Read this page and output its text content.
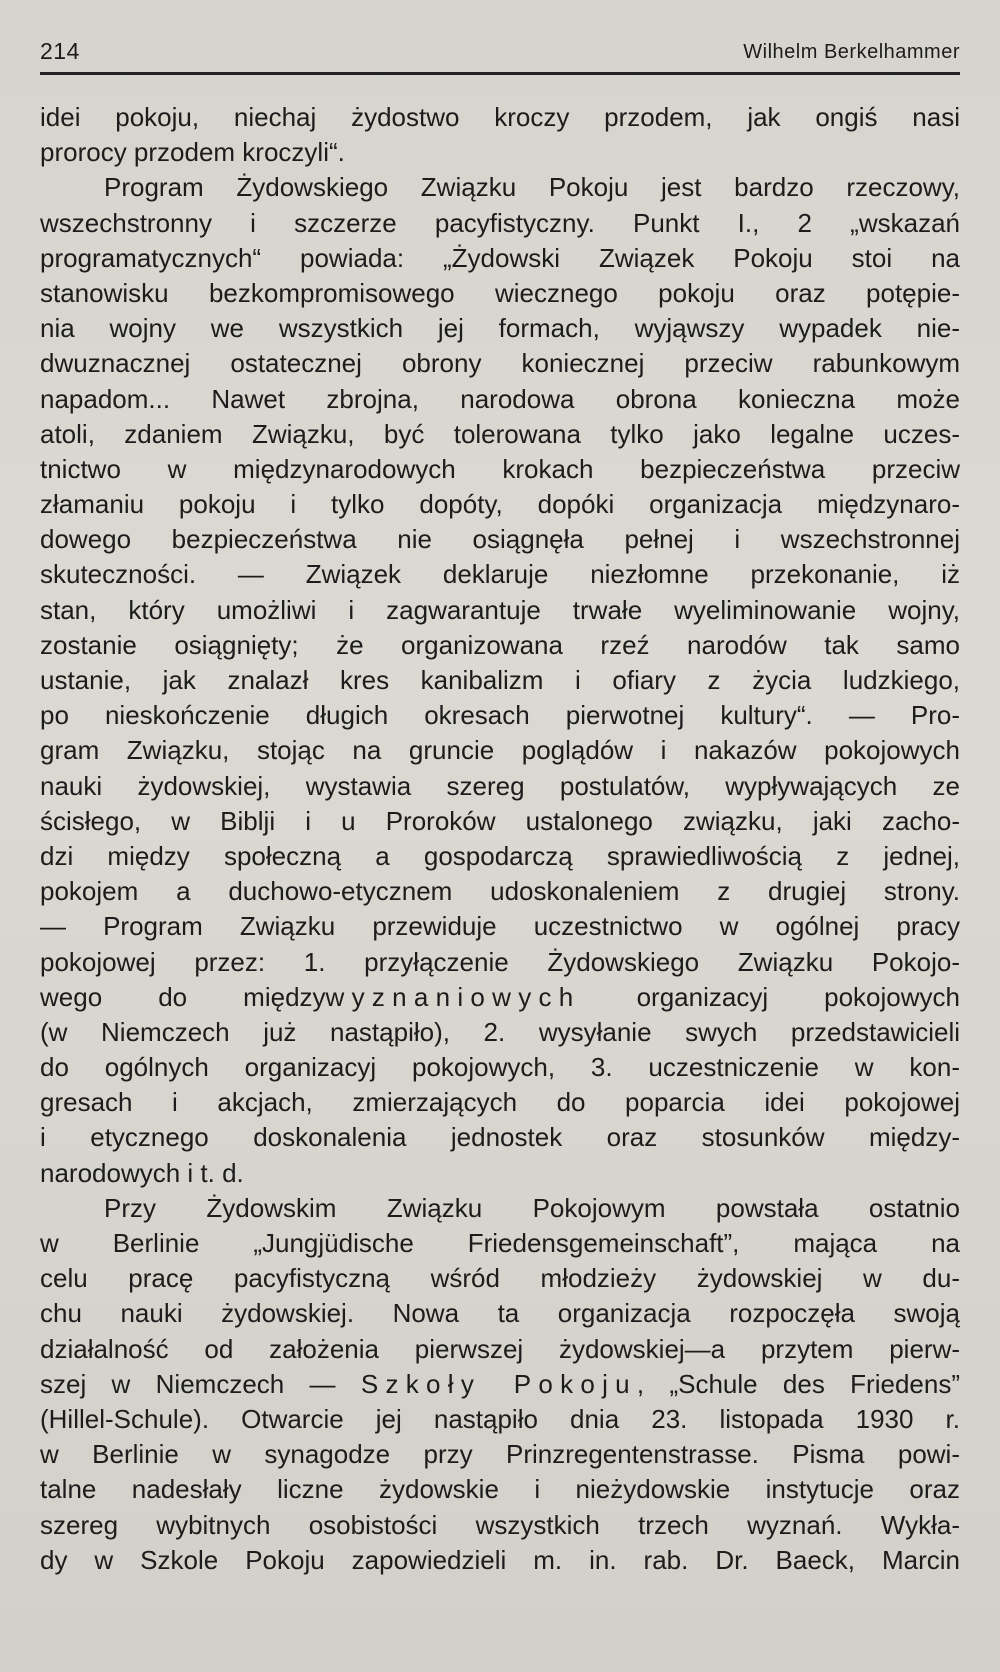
214	Wilhelm Berkelhammer
idei pokoju, niechaj żydostwo kroczy przodem, jak ongiś nasi
prorocy przodem kroczyli“.
Program Żydowskiego Związku Pokoju jest bardzo rzeczowy,
wszechstronny i szczerze pacyfistyczny. Punkt I., 2 „wskazań
programatycznych“ powiada: „Żydowski Związek Pokoju stoi na
stanowisku bezkompromisowego wiecznego pokoju oraz potępie-
nia wojny we wszystkich jej formach, wyjąwszy wypadek nie-
dwuznacznej ostatecznej obrony koniecznej przeciw rabunkowym
napadom... Nawet zbrojna, narodowa obrona konieczna może
atoli, zdaniem Związku, być tolerowana tylko jako legalne uczes-
tnictwo w międzynarodowych krokach bezpieczeństwa przeciw
złamaniu pokoju i tylko dopóty, dopóki organizacja międzynaro-
dowego bezpieczeństwa nie osiągnęła pełnej i wszechstronnej
skuteczności. — Związek deklaruje niezłomne przekonanie, iż
stan, który umożliwi i zagwarantuje trwałe wyeliminowanie wojny,
zostanie osiągnięty; że organizowana rzeź narodów tak samo
ustanie, jak znalazł kres kanibalizm i ofiary z życia ludzkiego,
po nieskończenie długich okresach pierwotnej kultury“. — Pro-
gram Związku, stojąc na gruncie poglądów i nakazów pokojowych
nauki żydowskiej, wystawia szereg postulatów, wypływających ze
ścisłego, w Biblji i u Proroków ustalonego związku, jaki zacho-
dzi między społeczną a gospodarczą sprawiedliwością z jednej,
pokojem a duchowo-etycznem udoskonaleniem z drugiej strony.
— Program Związku przewiduje uczestnictwo w ogólnej pracy
pokojowej przez: 1. przyłączenie Żydowskiego Związku Pokojo-
wego do międzywyznaniowych organizacyj pokojowych
(w Niemczech już nastąpiło), 2. wysyłanie swych przedstawicieli
do ogólnych organizacyj pokojowych, 3. uczestniczenie w kon-
gresach i akcjach, zmierzających do poparcia idei pokojowej
i etycznego doskonalenia jednostek oraz stosunków między-
narodowych i t. d.
Przy Żydowskim Związku Pokojowym powstała ostatnio
w Berlinie „Jungjüdische Friedensgemeinschaft”, mająca na
celu pracę pacyfistyczną wśród młodzieży żydowskiej w du-
chu nauki żydowskiej. Nowa ta organizacja rozpoczęła swoją
działalność od założenia pierwszej żydowskiej—a przytem pierw-
szej w Niemczech — Szkoły Pokoju, „Schule des Friedens”
(Hillel-Schule). Otwarcie jej nastąpiło dnia 23. listopada 1930 r.
w Berlinie w synagodze przy Prinzregentenstrasse. Pisma powi-
talne nadesłały liczne żydowskie i nieżydowskie instytucje oraz
szereg wybitnych osobistości wszystkich trzech wyznań. Wykła-
dy w Szkole Pokoju zapowiedzieli m. in. rab. Dr. Baeck, Marcin
